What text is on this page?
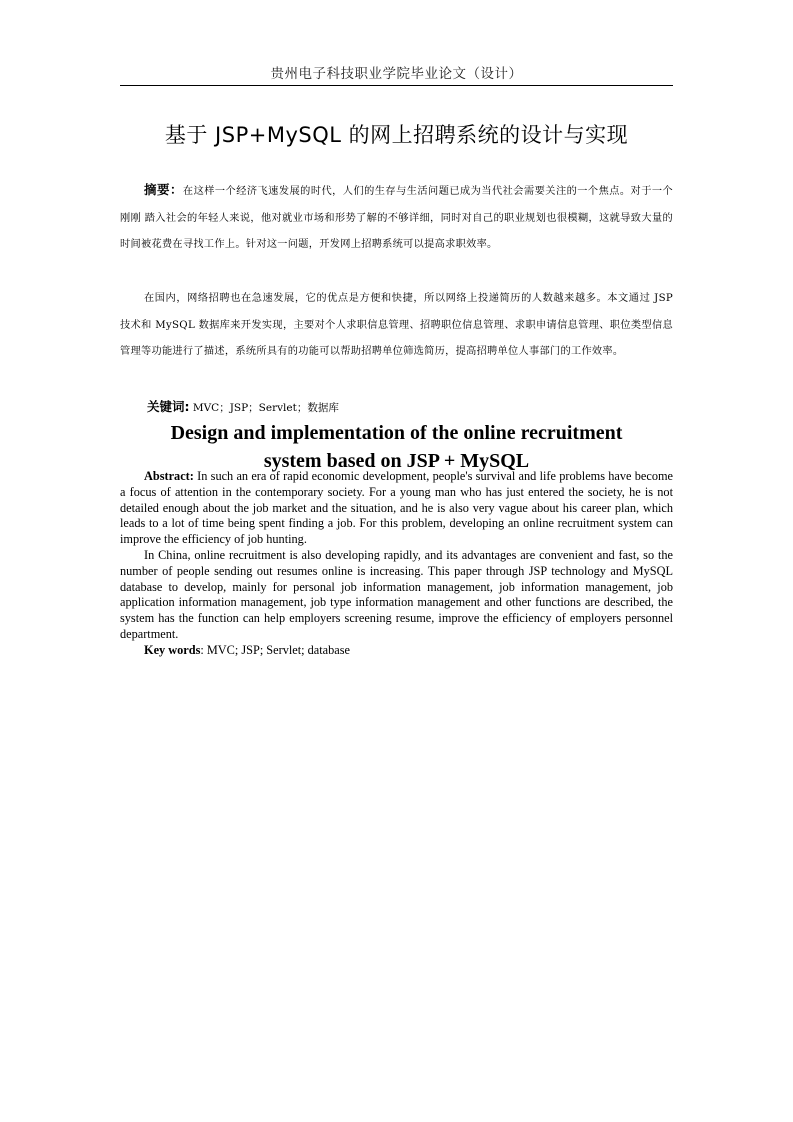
贵州电子科技职业学院毕业论文（设计）
基于 JSP+MySQL 的网上招聘系统的设计与实现

摘要：在这样一个经济飞速发展的时代，人们的生存与生活问题已成为当代社会需要关注的一个焦点。对于一个刚刚 踏入社会的年轻人来说，他对就业市场和形势了解的不够详细，同时对自己的职业规划也很模糊，这就导致大量的 时间被花费在寻找工作上。针对这一问题，开发网上招聘系统可以提高求职效率。

在国内，网络招聘也在急速发展，它的优点是方便和快捷，所以网络上投递简历的人数越来越多。本文通过 JSP 技术和 MySQL 数据库来开发实现，主要对个人求职信息管理、招聘职位信息管理、求职申请信息管理、职位类型信息 管理等功能进行了描述，系统所具有的功能可以帮助招聘单位筛选简历，提高招聘单位人事部门的工作效率。

关键词: MVC；JSP；Servlet；数据库
Design and implementation of the online recruitment
system based on JSP + MySQL

Abstract: In such an era of rapid economic development, people's survival and life problems have become a focus of attention in the contemporary society. For a young man who has just entered the society, he is not detailed enough about the job market and the situation, and he is also very vague about his career plan, which leads to a lot of time being spent finding a job. For this problem, developing an online recruitment system can improve the efficiency of job hunting.

In China, online recruitment is also developing rapidly, and its advantages are convenient and fast, so the number of people sending out resumes online is increasing. This paper through JSP technology and MySQL database to develop, mainly for personal job information management, job information management, job application information management, job type information management and other functions are described, the system has the function can help employers screening resume, improve the efficiency of employers personnel department.

Key words: MVC; JSP; Servlet; database
